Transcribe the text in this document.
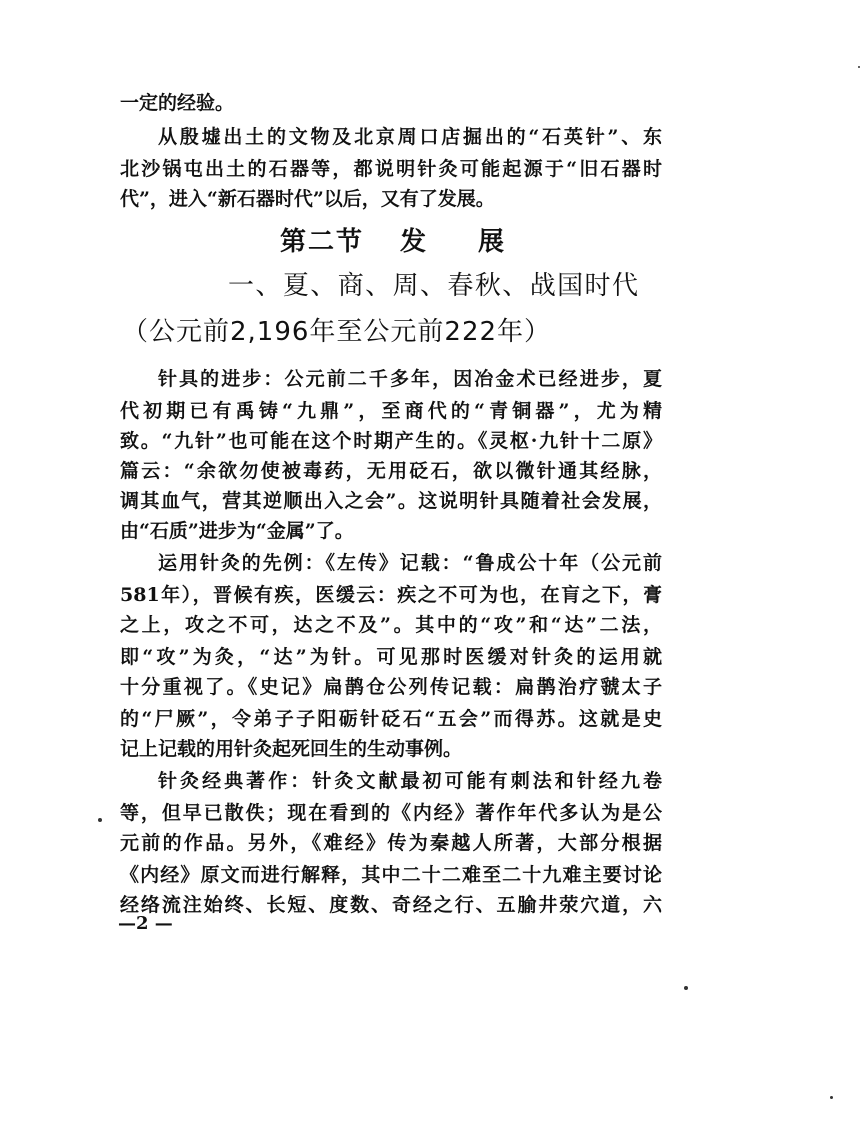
一定的经验。
从殷墟出土的文物及北京周口店掘出的“石英针”、东
北沙锅屯出土的石器等，都说明针灸可能起源于“旧石器时
代”，进入“新石器时代”以后，又有了发展。
第二节 发 展
一、夏、商、周、春秋、战国时代
（公元前2,196年至公元前222年）
针具的进步：公元前二千多年，因冶金术已经进步，夏
代初期已有禹铸“九鼎”，至商代的“青铜器”，尤为精
致。“九针”也可能在这个时期产生的。《灵枢·九针十二原》
篇云：“余欲勿使被毒药，无用砭石，欲以微针通其经脉，
调其血气，营其逆顺出入之会”。这说明针具随着社会发展，
由“石质”进步为“金属”了。
运用针灸的先例：《左传》记载：“鲁成公十年（公元前
581年），晋候有疾，医缓云：疾之不可为也，在肓之下，膏
之上，攻之不可，达之不及”。其中的“攻”和“达”二法，
即“攻”为灸，“达”为针。可见那时医缓对针灸的运用就
十分重视了。《史记》扁鹊仓公列传记载：扁鹊治疗虢太子
的“尸厥”，令弟子子阳砺针砭石“五会”而得苏。这就是史
记上记载的用针灸起死回生的生动事例。
针灸经典著作：针灸文献最初可能有刺法和针经九卷
等，但早已散佚；现在看到的《内经》著作年代多认为是公
元前的作品。另外，《难经》传为秦越人所著，大部分根据
《内经》原文而进行解释，其中二十二难至二十九难主要讨论
经络流注始终、长短、度数、奇经之行、五腧井荥穴道，六
—2 —
